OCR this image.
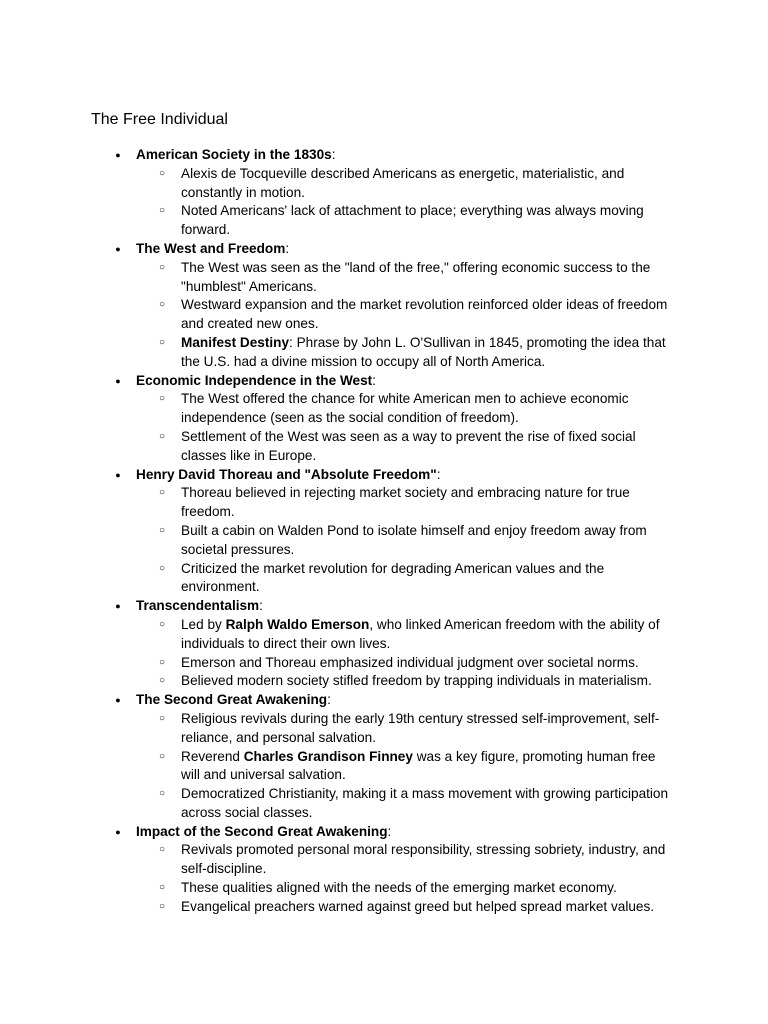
The Free Individual
●	American Society in the 1830s:
○ Alexis de Tocqueville described Americans as energetic, materialistic, and constantly in motion.
○ Noted Americans' lack of attachment to place; everything was always moving forward.
●	The West and Freedom:
○ The West was seen as the "land of the free," offering economic success to the "humblest" Americans.
○ Westward expansion and the market revolution reinforced older ideas of freedom and created new ones.
○ Manifest Destiny: Phrase by John L. O'Sullivan in 1845, promoting the idea that the U.S. had a divine mission to occupy all of North America.
●	Economic Independence in the West:
○ The West offered the chance for white American men to achieve economic independence (seen as the social condition of freedom).
○ Settlement of the West was seen as a way to prevent the rise of fixed social classes like in Europe.
●	Henry David Thoreau and "Absolute Freedom":
○ Thoreau believed in rejecting market society and embracing nature for true freedom.
○ Built a cabin on Walden Pond to isolate himself and enjoy freedom away from societal pressures.
○ Criticized the market revolution for degrading American values and the environment.
●	Transcendentalism:
○ Led by Ralph Waldo Emerson, who linked American freedom with the ability of individuals to direct their own lives.
○ Emerson and Thoreau emphasized individual judgment over societal norms.
○ Believed modern society stifled freedom by trapping individuals in materialism.
●	The Second Great Awakening:
○ Religious revivals during the early 19th century stressed self-improvement, self-reliance, and personal salvation.
○ Reverend Charles Grandison Finney was a key figure, promoting human free will and universal salvation.
○ Democratized Christianity, making it a mass movement with growing participation across social classes.
●	Impact of the Second Great Awakening:
○ Revivals promoted personal moral responsibility, stressing sobriety, industry, and self-discipline.
○ These qualities aligned with the needs of the emerging market economy.
○ Evangelical preachers warned against greed but helped spread market values.
